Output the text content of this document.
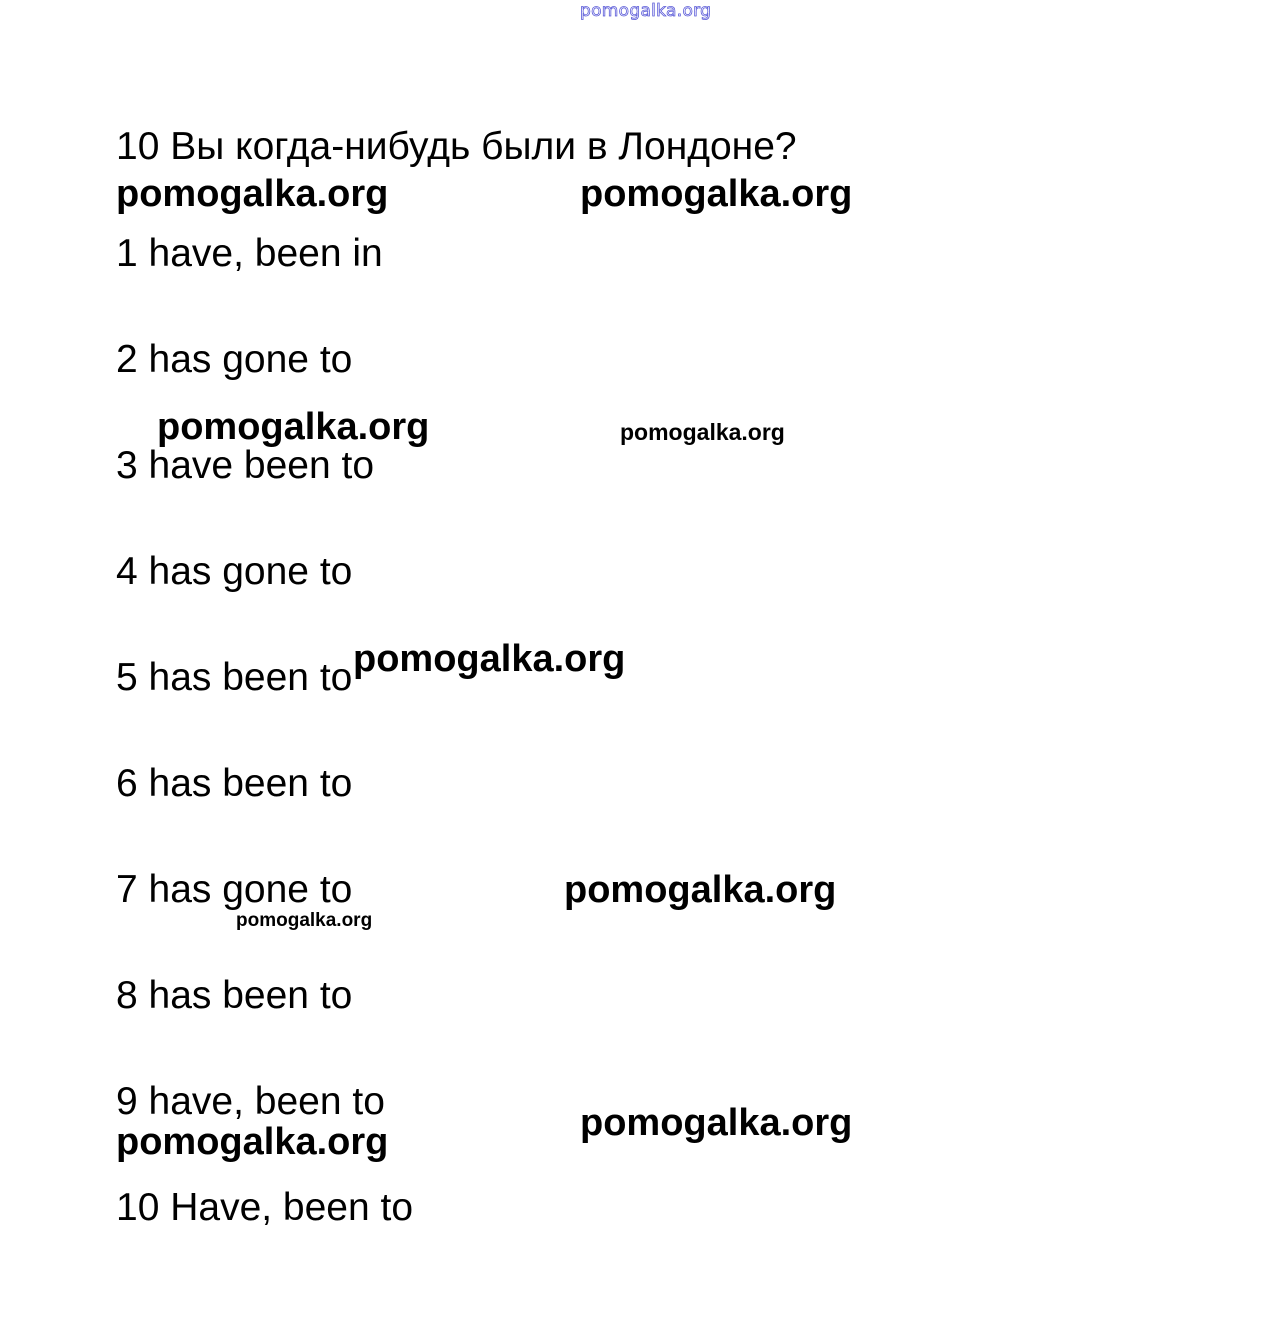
pomogalka.org
10 Вы когда-нибудь были в Лондоне?
pomogalka.org	pomogalka.org
1 have, been in
2 has gone to
pomogalka.org	pomogalka.org
3 have been to
4 has gone to
5 has been to pomogalka.org
6 has been to
7 has gone to	pomogalka.org
pomogalka.org
8 has been to
9 have, been to	pomogalka.org
pomogalka.org
10 Have, been to
